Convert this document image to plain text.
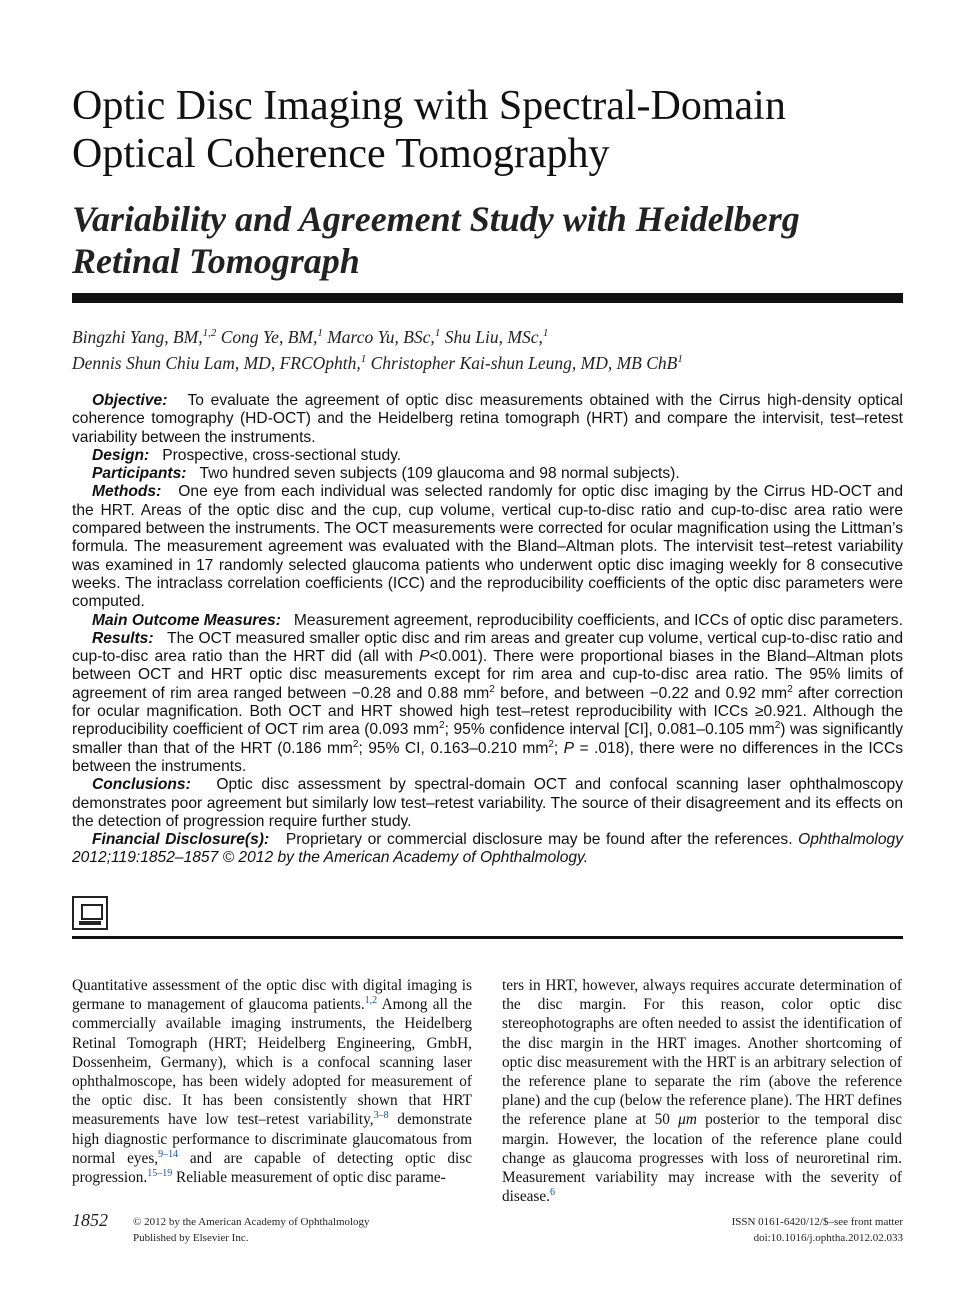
Optic Disc Imaging with Spectral-Domain Optical Coherence Tomography
Variability and Agreement Study with Heidelberg Retinal Tomograph
Bingzhi Yang, BM,$^{1,2}$ Cong Ye, BM,$^1$ Marco Yu, BSc,$^1$ Shu Liu, MSc,$^1$
Dennis Shun Chiu Lam, MD, FRCOphth,$^1$ Christopher Kai-shun Leung, MD, MB ChB$^1$

Objective: To evaluate the agreement of optic disc measurements obtained with the Cirrus high-density optical coherence tomography (HD-OCT) and the Heidelberg retina tomograph (HRT) and compare the intervisit, test–retest variability between the instruments.

Design: Prospective, cross-sectional study.

Participants: Two hundred seven subjects (109 glaucoma and 98 normal subjects).

Methods: One eye from each individual was selected randomly for optic disc imaging by the Cirrus HD-OCT and the HRT. Areas of the optic disc and the cup, cup volume, vertical cup-to-disc ratio and cup-to-disc area ratio were compared between the instruments. The OCT measurements were corrected for ocular magnification using the Littman’s formula. The measurement agreement was evaluated with the Bland–Altman plots. The intervisit test–retest variability was examined in 17 randomly selected glaucoma patients who underwent optic disc imaging weekly for 8 consecutive weeks. The intraclass correlation coefficients (ICC) and the reproducibility coefficients of the optic disc parameters were computed.

Main Outcome Measures: Measurement agreement, reproducibility coefficients, and ICCs of optic disc parameters.

Results: The OCT measured smaller optic disc and rim areas and greater cup volume, vertical cup-to-disc ratio and cup-to-disc area ratio than the HRT did (all with P<0.001). There were proportional biases in the Bland–Altman plots between OCT and HRT optic disc measurements except for rim area and cup-to-disc area ratio. The 95% limits of agreement of rim area ranged between −0.28 and 0.88 $mm^2$ before, and between −0.22 and 0.92 $mm^2$ after correction for ocular magnification. Both OCT and HRT showed high test–retest reproducibility with ICCs ≥0.921. Although the reproducibility coefficient of OCT rim area (0.093 $mm^2$; 95% confidence interval [CI], 0.081–0.105 $mm^2$) was significantly smaller than that of the HRT (0.186 $mm^2$; 95% CI, 0.163–0.210 $mm^2$; P = .018), there were no differences in the ICCs between the instruments.

Conclusions: Optic disc assessment by spectral-domain OCT and confocal scanning laser ophthalmoscopy demonstrates poor agreement but similarly low test–retest variability. The source of their disagreement and its effects on the detection of progression require further study.

Financial Disclosure(s): Proprietary or commercial disclosure may be found after the references. Ophthalmology 2012;119:1852–1857 © 2012 by the American Academy of Ophthalmology.

Quantitative assessment of the optic disc with digital imaging is germane to management of glaucoma patients.$^{1,2}$ Among all the commercially available imaging instruments, the Heidelberg Retinal Tomograph (HRT; Heidelberg Engineering, GmbH, Dossenheim, Germany), which is a confocal scanning laser ophthalmoscope, has been widely adopted for measurement of the optic disc. It has been consistently shown that HRT measurements have low test–retest variability,$^{3-8}$ demonstrate high diagnostic performance to discriminate glaucomatous from normal eyes,$^{9-14}$ and are capable of detecting optic disc progression.$^{15-19}$ Reliable measurement of optic disc parame-

ters in HRT, however, always requires accurate determination of the disc margin. For this reason, color optic disc stereophotographs are often needed to assist the identification of the disc margin in the HRT images. Another shortcoming of optic disc measurement with the HRT is an arbitrary selection of the reference plane to separate the rim (above the reference plane) and the cup (below the reference plane). The HRT defines the reference plane at 50 μm posterior to the temporal disc margin. However, the location of the reference plane could change as glaucoma progresses with loss of neuroretinal rim. Measurement variability may increase with the severity of disease.$^6$

1852 © 2012 by the American Academy of Ophthalmology
Published by Elsevier Inc.
ISSN 0161-6420/12/$–see front matter
doi:10.1016/j.ophtha.2012.02.033
